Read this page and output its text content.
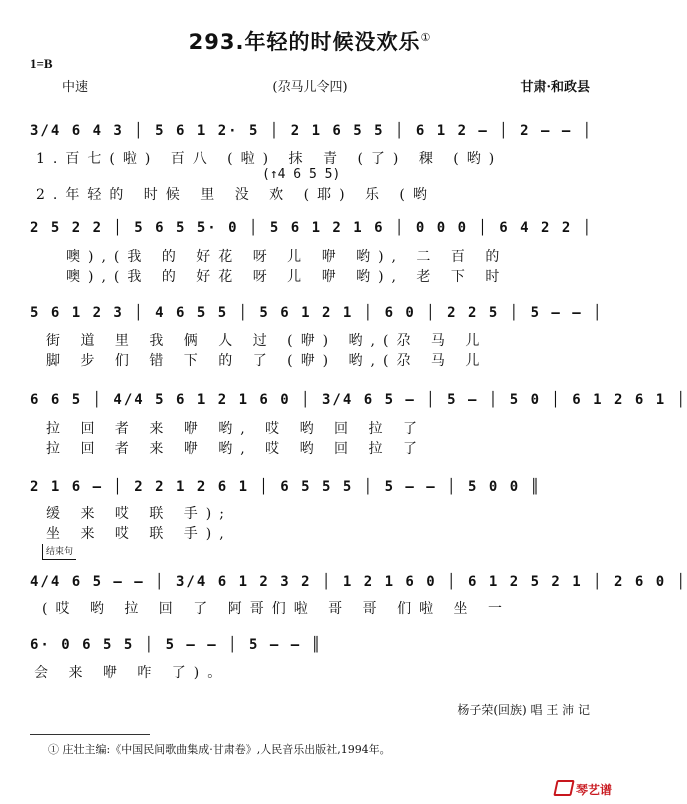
293.年轻的时候没欢乐①
1=B
中速	(尕马儿令四)	甘肃·和政县
3/4 6 4 3 │ 5 6 1 2· 5 │ 2 1 6 5 5 │ 6 1 2 – │ 2 – – │
1.百七(啦) 百八 (啦) 抹 青 (了) 稞 (哟)
(↑4 6 5 5)
2.年轻的 时候 里 没 欢 (耶) 乐 (哟
2 5 2 2 │ 5 6 5 5· 0 │ 5 6 1 2 1 6 │ 0 0 0 │ 6 4 2 2 │
噢),(我 的 好花 呀 儿 咿 哟), 二 百 的
噢),(我 的 好花 呀 儿 咿 哟), 老 下 时
5 6 1 2 3 │ 4 6 5 5 │ 5 6 1 2 1 │ 6 0 │ 2 2 5 │ 5 – – │
街 道 里 我 俩 人 过 (咿) 哟,(尕 马 儿
脚 步 们 错 下 的 了 (咿) 哟,(尕 马 儿
6 6 5 │ 4/4 5 6 1 2 1 6 0 │ 3/4 6 5 – │ 5 – │ 5 0 │ 6 1 2 6 1 │
拉 回 者 来 咿 哟, 哎 哟 回 拉 了
拉 回 者 来 咿 哟, 哎 哟 回 拉 了
2 1 6 – │ 2 2 1 2 6 1 │ 6 5 5 5 │ 5 – – │ 5 0 0 ║
缓 来 哎 联 手);
坐 来 哎 联 手),
结束句
4/4 6 5 – – │ 3/4 6 1 2 3 2 │ 1 2 1 6 0 │ 6 1 2 5 2 1 │ 2 6 0 │
(哎 哟 拉 回 了 阿哥们啦 哥 哥 们啦 坐 一
6· 0 6 5 5 │ 5 – – │ 5 – – ║
会 来 咿 咋 了)。
杨子荣(回族) 唱 王 沛 记
① 庄壮主编:《中国民间歌曲集成·甘肃卷》,人民音乐出版社,1994年。
琴艺谱
